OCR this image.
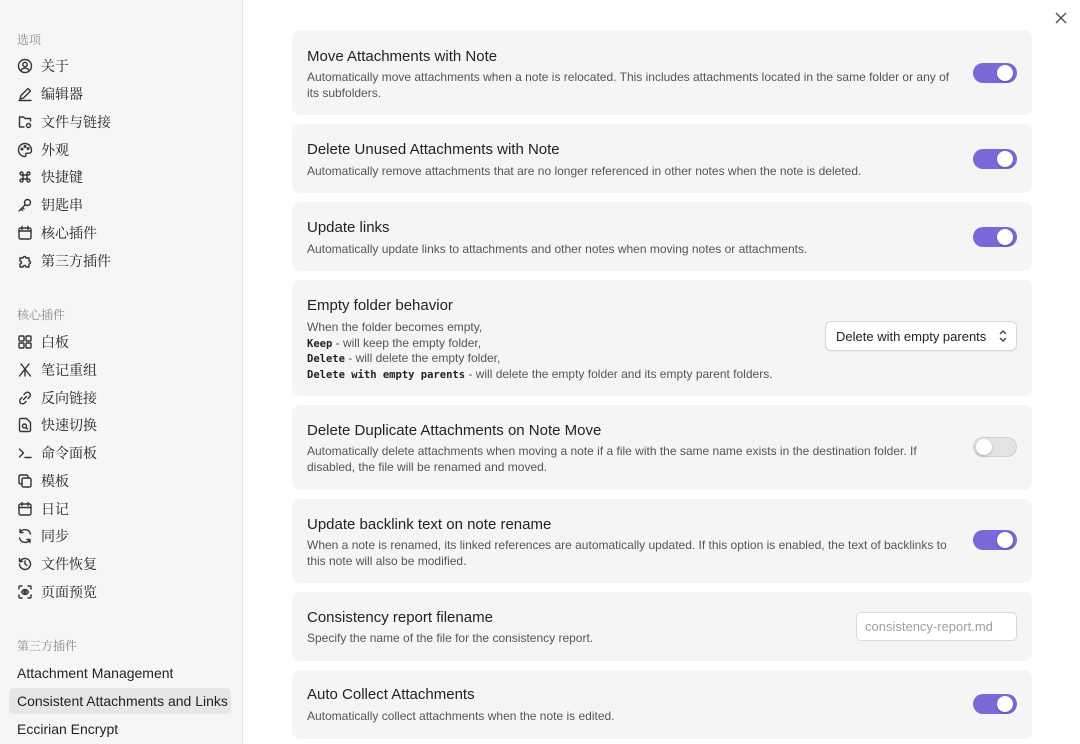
选项
关于
编辑器
文件与链接
外观
快捷键
钥匙串
核心插件
第三方插件
核心插件
白板
笔记重组
反向链接
快速切换
命令面板
模板
日记
同步
文件恢复
页面预览
第三方插件
Attachment Management
Consistent Attachments and Links
Eccirian Encrypt
Move Attachments with Note
Automatically move attachments when a note is relocated. This includes attachments located in the same folder or any of its subfolders.
Delete Unused Attachments with Note
Automatically remove attachments that are no longer referenced in other notes when the note is deleted.
Update links
Automatically update links to attachments and other notes when moving notes or attachments.
Empty folder behavior
When the folder becomes empty,
Keep - will keep the empty folder,
Delete - will delete the empty folder,
Delete with empty parents - will delete the empty folder and its empty parent folders.
Delete with empty parents
Delete Duplicate Attachments on Note Move
Automatically delete attachments when moving a note if a file with the same name exists in the destination folder. If disabled, the file will be renamed and moved.
Update backlink text on note rename
When a note is renamed, its linked references are automatically updated. If this option is enabled, the text of backlinks to this note will also be modified.
Consistency report filename
Specify the name of the file for the consistency report.
consistency-report.md
Auto Collect Attachments
Automatically collect attachments when the note is edited.
